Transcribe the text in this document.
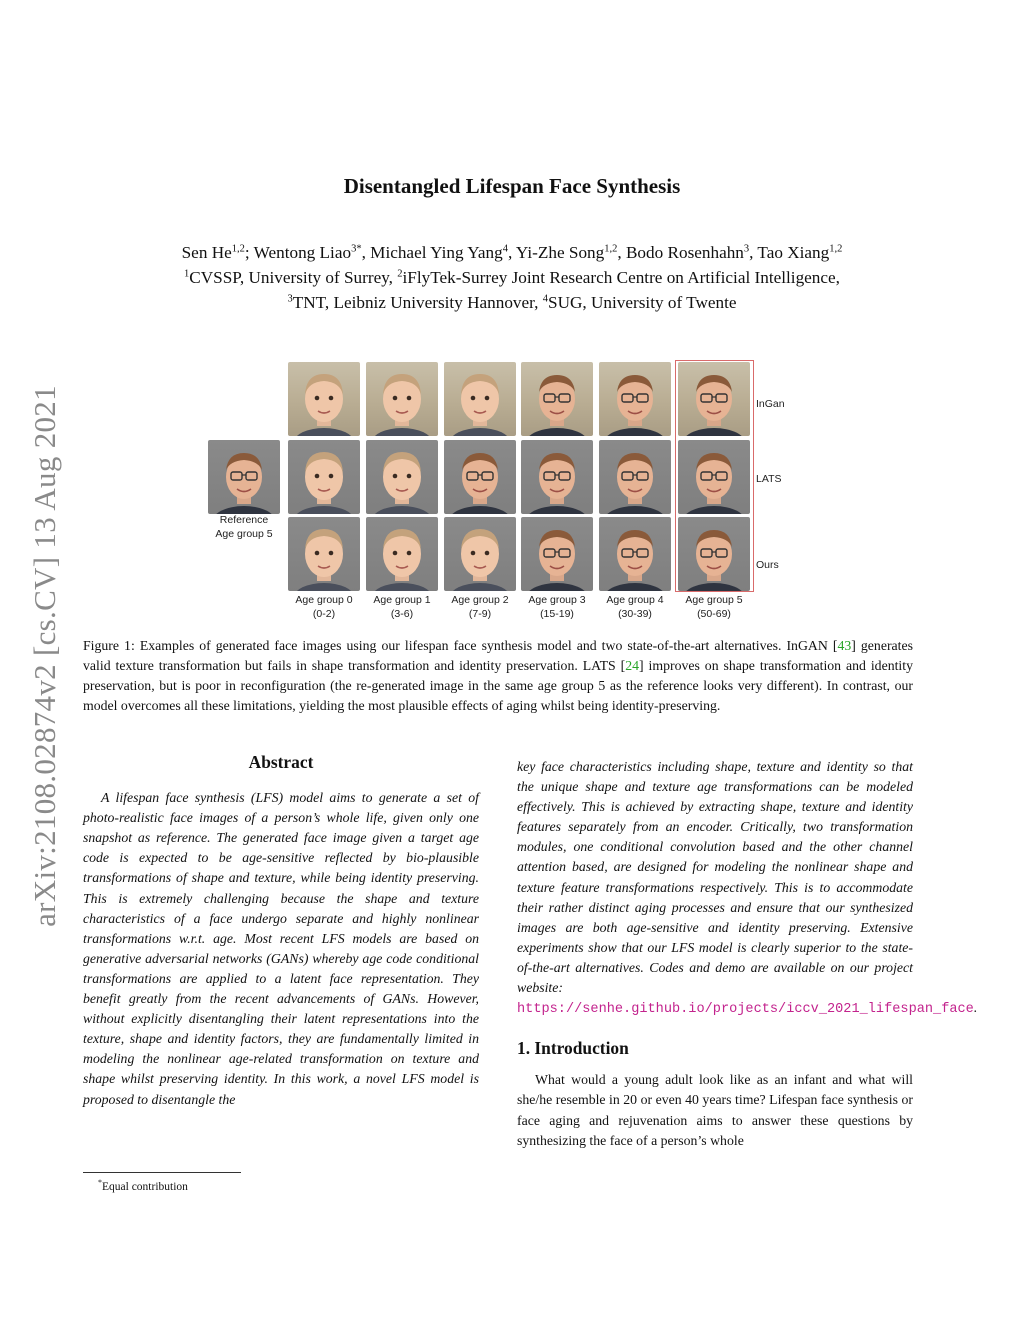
arXiv:2108.02874v2 [cs.CV] 13 Aug 2021
Disentangled Lifespan Face Synthesis
Sen He$^{1,2}$; Wentong Liao$^{3*}$, Michael Ying Yang$^4$, Yi-Zhe Song$^{1,2}$, Bodo Rosenhahn$^3$, Tao Xiang$^{1,2}$
$^1$CVSSP, University of Surrey, $^2$iFlyTek-Surrey Joint Research Centre on Artificial Intelligence,
$^3$TNT, Leibniz University Hannover, $^4$SUG, University of Twente
InGan
LATS
Ours
Reference
Age group 5
Age group 0
(0-2)
Age group 1
(3-6)
Age group 2
(7-9)
Age group 3
(15-19)
Age group 4
(30-39)
Age group 5
(50-69)
Figure 1: Examples of generated face images using our lifespan face synthesis model and two state-of-the-art alternatives. InGAN [43] generates valid texture transformation but fails in shape transformation and identity preservation. LATS [24] improves on shape transformation and identity preservation, but is poor in reconfiguration (the re-generated image in the same age group 5 as the reference looks very different). In contrast, our model overcomes all these limitations, yielding the most plausible effects of aging whilst being identity-preserving.
Abstract

A lifespan face synthesis (LFS) model aims to generate a set of photo-realistic face images of a person’s whole life, given only one snapshot as reference. The generated face image given a target age code is expected to be age-sensitive reflected by bio-plausible transformations of shape and texture, while being identity preserving. This is extremely challenging because the shape and texture characteristics of a face undergo separate and highly nonlinear transformations w.r.t. age. Most recent LFS models are based on generative adversarial networks (GANs) whereby age code conditional transformations are applied to a latent face representation. They benefit greatly from the recent advancements of GANs. However, without explicitly disentangling their latent representations into the texture, shape and identity factors, they are fundamentally limited in modeling the nonlinear age-related transformation on texture and shape whilst preserving identity. In this work, a novel LFS model is proposed to disentangle the

key face characteristics including shape, texture and identity so that the unique shape and texture age transformations can be modeled effectively. This is achieved by extracting shape, texture and identity features separately from an encoder. Critically, two transformation modules, one conditional convolution based and the other channel attention based, are designed for modeling the nonlinear shape and texture feature transformations respectively. This is to accommodate their rather distinct aging processes and ensure that our synthesized images are both age-sensitive and identity preserving. Extensive experiments show that our LFS model is clearly superior to the state-of-the-art alternatives. Codes and demo are available on our project website: https://senhe.github.io/projects/iccv_2021_lifespan_face.

1. Introduction

What would a young adult look like as an infant and what will she/he resemble in 20 or even 40 years time? Lifespan face synthesis or face aging and rejuvenation aims to answer these questions by synthesizing the face of a person’s whole

*Equal contribution
